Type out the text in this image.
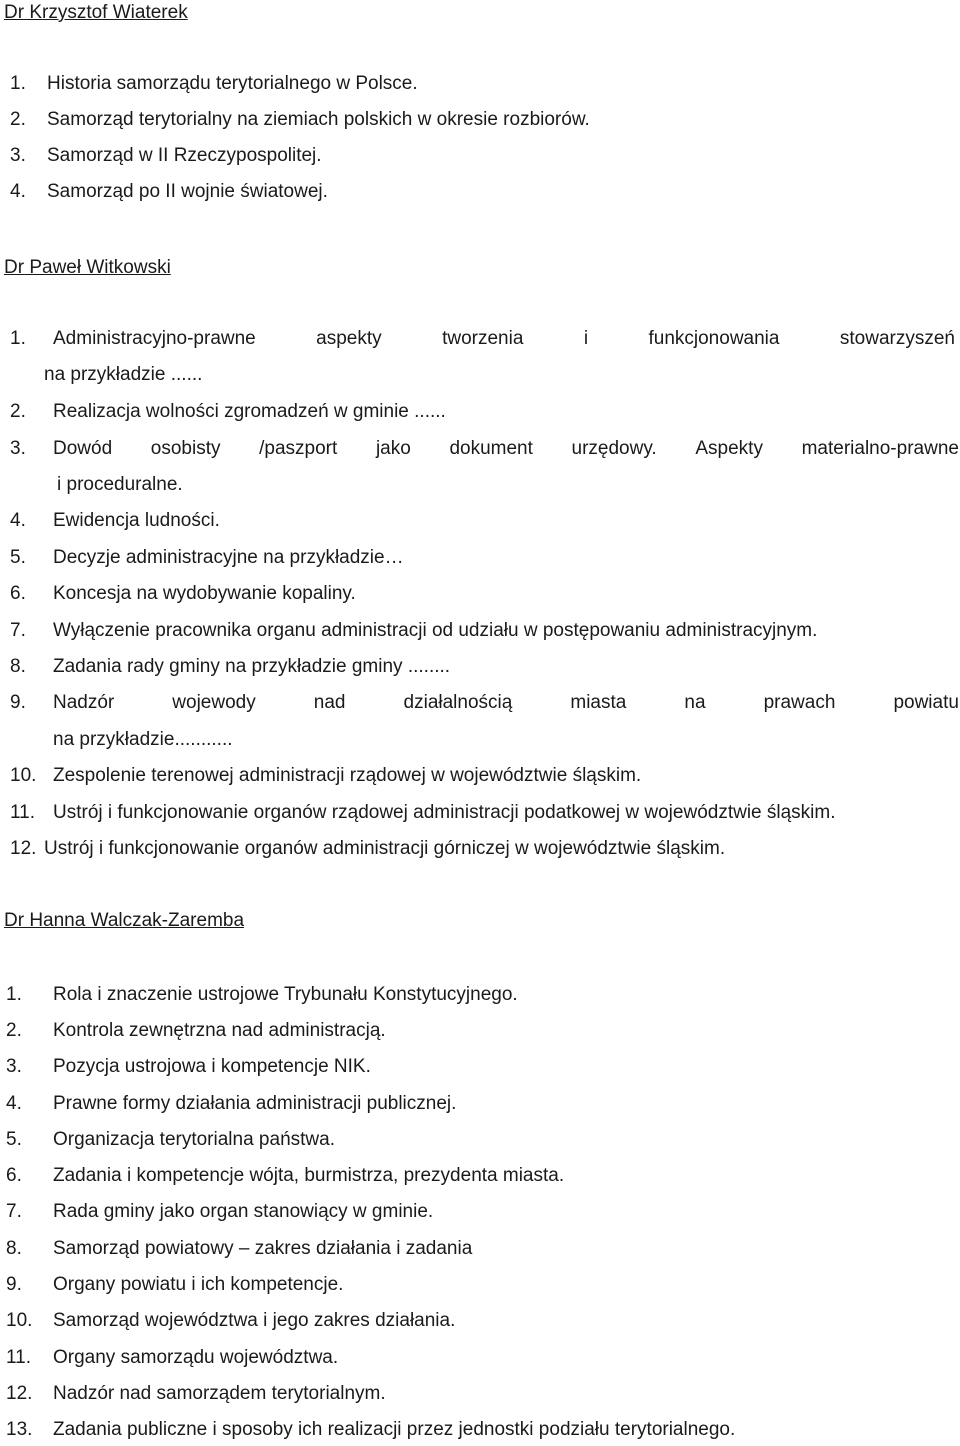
Dr Krzysztof Wiaterek
1. Historia samorządu terytorialnego w Polsce.
2. Samorząd terytorialny na ziemiach polskich w okresie rozbiorów.
3. Samorząd w II Rzeczypospolitej.
4. Samorząd po II wojnie światowej.
Dr Paweł Witkowski
1. Administracyjno-prawne	aspekty	tworzenia	i	funkcjonowania	stowarzyszeń
na przykładzie ......
2. Realizacja wolności zgromadzeń w gminie ......
3. Dowód osobisty /paszport jako dokument urzędowy. Aspekty materialno-prawne
i proceduralne.
4. Ewidencja ludności.
5. Decyzje administracyjne na przykładzie…
6. Koncesja na wydobywanie kopaliny.
7. Wyłączenie pracownika organu administracji od udziału w postępowaniu administracyjnym.
8. Zadania rady gminy na przykładzie gminy ........
9. Nadzór	wojewody	nad	działalnością	miasta	na	prawach	powiatu
na przykładzie...........
10. Zespolenie terenowej administracji rządowej w województwie śląskim.
11. Ustrój i funkcjonowanie organów rządowej administracji podatkowej w województwie śląskim.
12. Ustrój i funkcjonowanie organów administracji górniczej w województwie śląskim.
Dr Hanna Walczak-Zaremba
1. Rola i znaczenie ustrojowe Trybunału Konstytucyjnego.
2. Kontrola zewnętrzna nad administracją.
3. Pozycja ustrojowa i kompetencje NIK.
4. Prawne formy działania administracji publicznej.
5. Organizacja terytorialna państwa.
6. Zadania i kompetencje wójta, burmistrza, prezydenta miasta.
7. Rada gminy jako organ stanowiący w gminie.
8. Samorząd powiatowy – zakres działania i zadania
9. Organy powiatu i ich kompetencje.
10. Samorząd województwa i jego zakres działania.
11. Organy samorządu województwa.
12. Nadzór nad samorządem terytorialnym.
13. Zadania publiczne i sposoby ich realizacji przez jednostki podziału terytorialnego.
